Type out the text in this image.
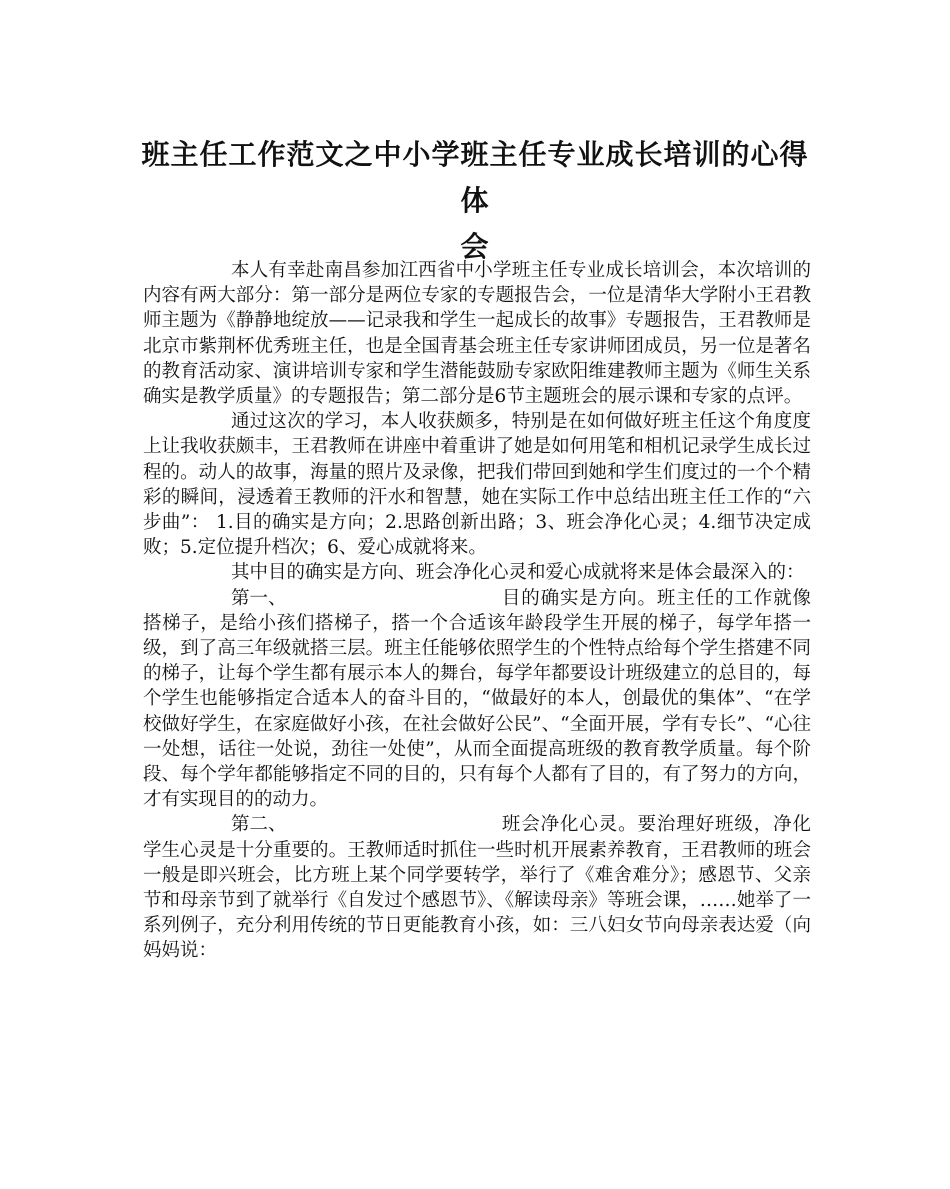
班主任工作范文之中小学班主任专业成长培训的心得体
会

本人有幸赴南昌参加江西省中小学班主任专业成长培训会，本次培训的内容有两大部分：第一部分是两位专家的专题报告会，一位是清华大学附小王君教师主题为《静静地绽放——记录我和学生一起成长的故事》专题报告，王君教师是北京市紫荆杯优秀班主任，也是全国青基会班主任专家讲师团成员，另一位是著名的教育活动家、演讲培训专家和学生潜能鼓励专家欧阳维建教师主题为《师生关系确实是教学质量》的专题报告；第二部分是6节主题班会的展示课和专家的点评。

通过这次的学习，本人收获颇多，特别是在如何做好班主任这个角度度上让我收获颇丰，王君教师在讲座中着重讲了她是如何用笔和相机记录学生成长过程的。动人的故事，海量的照片及录像，把我们带回到她和学生们度过的一个个精彩的瞬间，浸透着王教师的汗水和智慧，她在实际工作中总结出班主任工作的“六步曲”： 1.目的确实是方向；2.思路创新出路；3、班会净化心灵；4.细节决定成败；5.定位提升档次；6、爱心成就将来。

其中目的确实是方向、班会净化心灵和爱心成就将来是体会最深入的：

第一、	目的确实是方向。班主任的工作就像搭梯子，是给小孩们搭梯子，搭一个合适该年龄段学生开展的梯子，每学年搭一级，到了高三年级就搭三层。班主任能够依照学生的个性特点给每个学生搭建不同的梯子，让每个学生都有展示本人的舞台，每学年都要设计班级建立的总目的，每个学生也能够指定合适本人的奋斗目的，“做最好的本人，创最优的集体”、“在学校做好学生，在家庭做好小孩，在社会做好公民”、“全面开展，学有专长”、“心往一处想，话往一处说，劲往一处使”，从而全面提高班级的教育教学质量。每个阶段、每个学年都能够指定不同的目的，只有每个人都有了目的，有了努力的方向，才有实现目的的动力。

第二、	班会净化心灵。要治理好班级，净化学生心灵是十分重要的。王教师适时抓住一些时机开展素养教育，王君教师的班会一般是即兴班会，比方班上某个同学要转学，举行了《难舍难分》；感恩节、父亲节和母亲节到了就举行《自发过个感恩节》、《解读母亲》等班会课，……她举了一系列例子，充分利用传统的节日更能教育小孩，如：三八妇女节向母亲表达爱（向妈妈说：
